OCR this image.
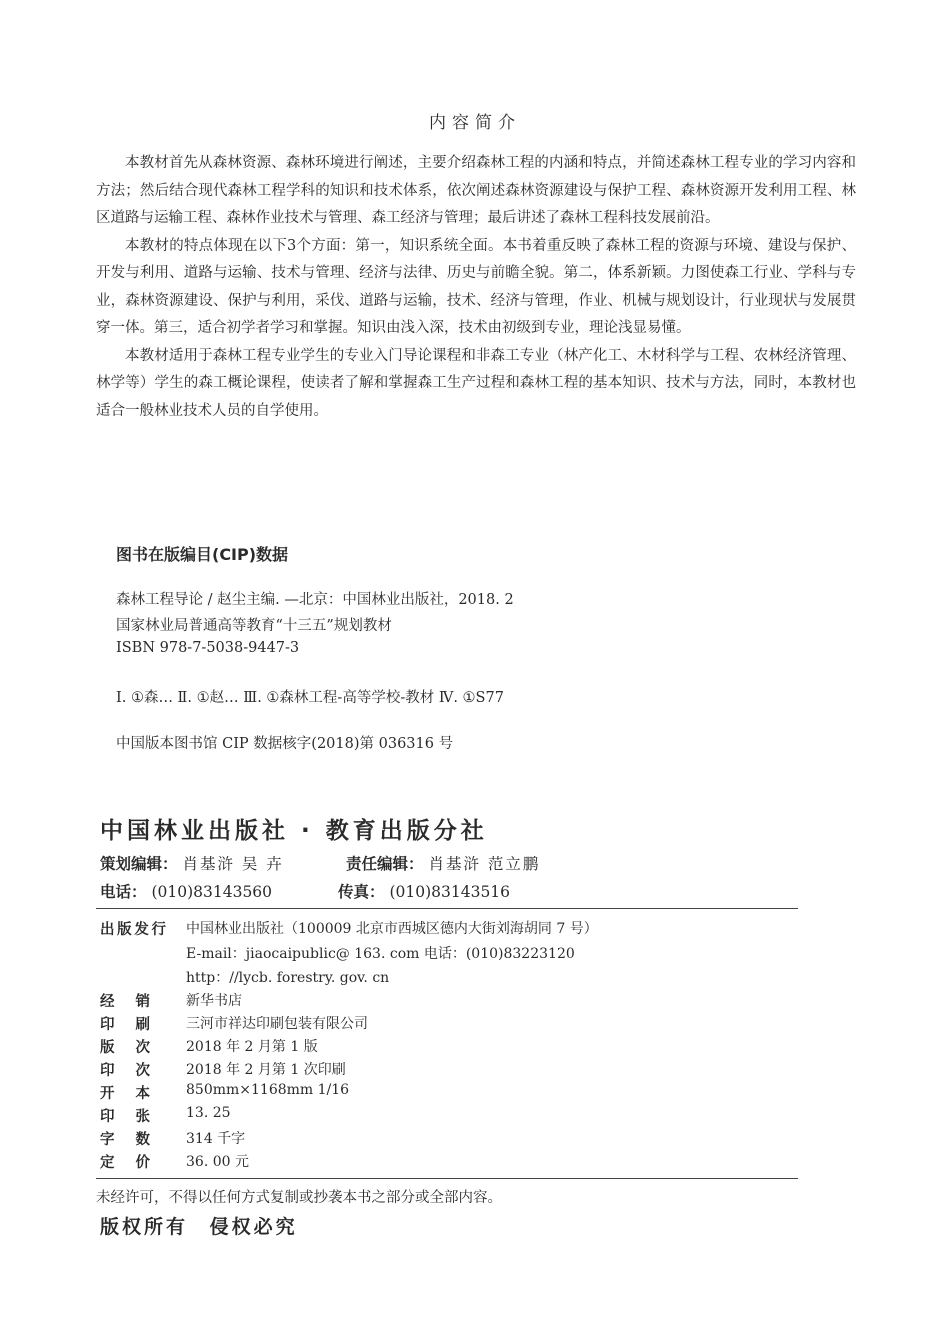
内容简介

本教材首先从森林资源、森林环境进行阐述，主要介绍森林工程的内涵和特点，并简述森林工程专业的学习内容和方法；然后结合现代森林工程学科的知识和技术体系，依次阐述森林资源建设与保护工程、森林资源开发利用工程、林区道路与运输工程、森林作业技术与管理、森工经济与管理；最后讲述了森林工程科技发展前沿。

本教材的特点体现在以下3个方面：第一，知识系统全面。本书着重反映了森林工程的资源与环境、建设与保护、开发与利用、道路与运输、技术与管理、经济与法律、历史与前瞻全貌。第二，体系新颖。力图使森工行业、学科与专业，森林资源建设、保护与利用，采伐、道路与运输，技术、经济与管理，作业、机械与规划设计，行业现状与发展贯穿一体。第三，适合初学者学习和掌握。知识由浅入深，技术由初级到专业，理论浅显易懂。

本教材适用于森林工程专业学生的专业入门导论课程和非森工专业（林产化工、木材科学与工程、农林经济管理、林学等）学生的森工概论课程，使读者了解和掌握森工生产过程和森林工程的基本知识、技术与方法，同时，本教材也适合一般林业技术人员的自学使用。

图书在版编目(CIP)数据
森林工程导论 / 赵尘主编. —北京：中国林业出版社，2018. 2
国家林业局普通高等教育“十三五”规划教材
ISBN 978-7-5038-9447-3
Ⅰ. ①森… Ⅱ. ①赵… Ⅲ. ①森林工程-高等学校-教材 Ⅳ. ①S77
中国版本图书馆 CIP 数据核字(2018)第 036316 号
中国林业出版社 · 教育出版分社
策划编辑： 肖基浒 吴 卉	责任编辑： 肖基浒 范立鹏
电话： (010)83143560	传真： (010)83143516
出 版 发 行 中国林业出版社（100009 北京市西城区德内大街刘海胡同 7 号）
E-mail：jiaocaipublic@ 163. com 电话：(010)83223120
http：//lycb. forestry. gov. cn
经 销	新华书店
印 刷	三河市祥达印刷包装有限公司
版 次	2018 年 2 月第 1 版
印 次	2018 年 2 月第 1 次印刷
开 本	850mm×1168mm 1/16
印 张	13. 25
字 数	314 千字
定 价	36. 00 元
未经许可，不得以任何方式复制或抄袭本书之部分或全部内容。
版权所有 侵权必究
